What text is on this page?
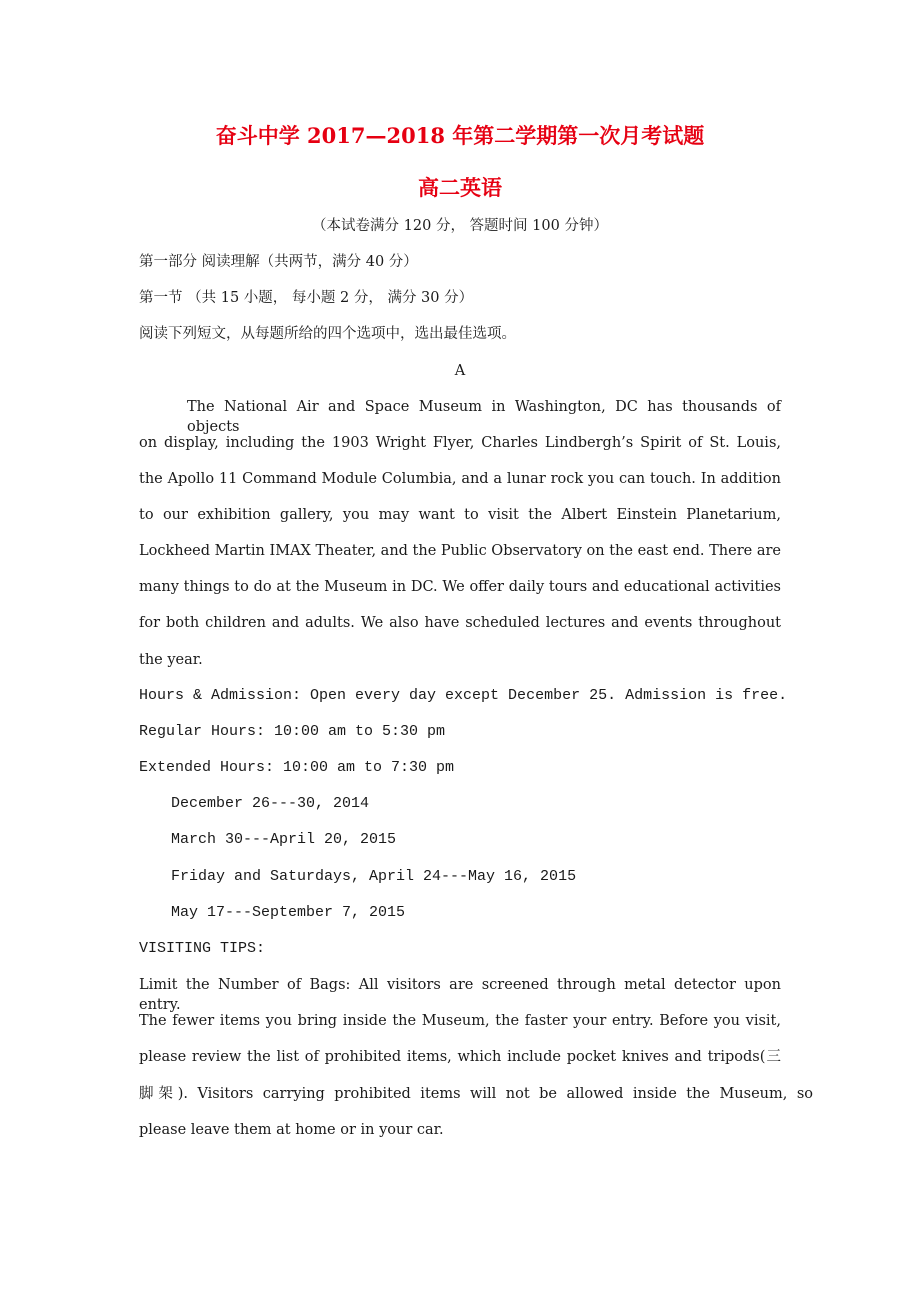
奋斗中学 2017—2018 年第二学期第一次月考试题
高二英语
（本试卷满分 120 分， 答题时间 100 分钟）
第一部分 阅读理解（共两节，满分 40 分）
第一节 （共 15 小题， 每小题 2 分， 满分 30 分）
阅读下列短文，从每题所给的四个选项中，选出最佳选项。
A
The National Air and Space Museum in Washington, DC has thousands of objects
on display, including the 1903 Wright Flyer, Charles Lindbergh’s Spirit of St. Louis,
the Apollo 11 Command Module Columbia, and a lunar rock you can touch. In addition
to our exhibition gallery, you may want to visit the Albert Einstein Planetarium,
Lockheed Martin IMAX Theater, and the Public Observatory on the east end. There are
many things to do at the Museum in DC. We offer daily tours and educational activities
for both children and adults. We also have scheduled lectures and events throughout
the year.
Hours & Admission: Open every day except December 25. Admission is free.
Regular Hours: 10:00 am to 5:30 pm
Extended Hours: 10:00 am to 7:30 pm
December 26---30, 2014
March 30---April 20, 2015
Friday and Saturdays, April 24---May 16, 2015
May 17---September 7, 2015
VISITING TIPS:
Limit the Number of Bags: All visitors are screened through metal detector upon entry.
The fewer items you bring inside the Museum, the faster your entry. Before you visit,
please review the list of prohibited items, which include pocket knives and tripods(三
脚架). Visitors carrying prohibited items will not be allowed inside the Museum, so
please leave them at home or in your car.
